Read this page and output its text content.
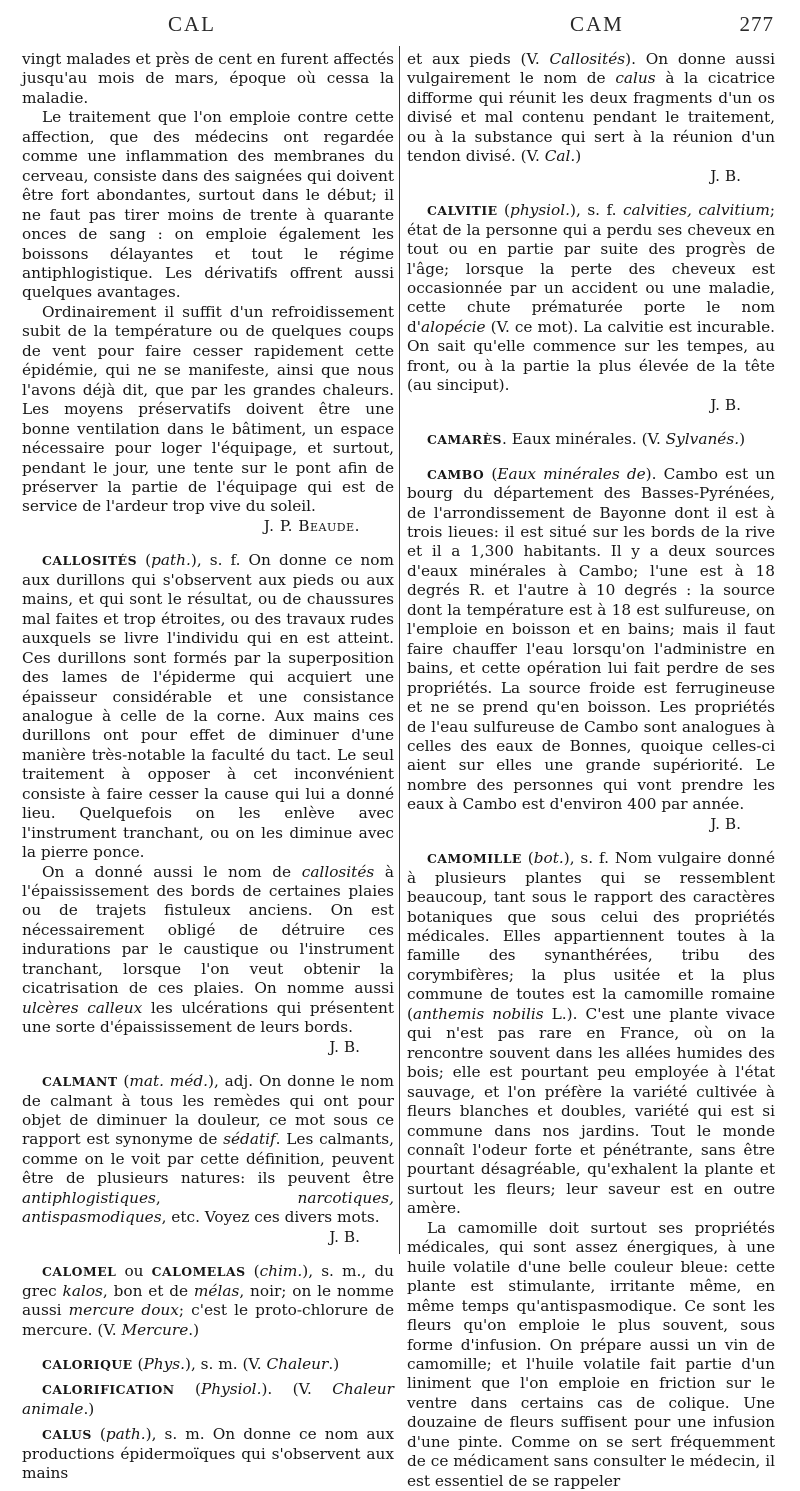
CAL	CAM	277

vingt malades et près de cent en furent affectés jusqu'au mois de mars, époque où cessa la maladie.

Le traitement que l'on emploie contre cette affection, que des médecins ont regardée comme une inflammation des membranes du cerveau, consiste dans des saignées qui doivent être fort abondantes, surtout dans le début; il ne faut pas tirer moins de trente à quarante onces de sang : on emploie également les boissons délayantes et tout le régime antiphlogistique. Les dérivatifs offrent aussi quelques avantages.

Ordinairement il suffit d'un refroidissement subit de la température ou de quelques coups de vent pour faire cesser rapidement cette épidémie, qui ne se manifeste, ainsi que nous l'avons déjà dit, que par les grandes chaleurs. Les moyens préservatifs doivent être une bonne ventilation dans le bâtiment, un espace nécessaire pour loger l'équipage, et surtout, pendant le jour, une tente sur le pont afin de préserver la partie de l'équipage qui est de service de l'ardeur trop vive du soleil.

J. P. Beaude.

CALLOSITÉS (path.), s. f. On donne ce nom aux durillons qui s'observent aux pieds ou aux mains, et qui sont le résultat, ou de chaussures mal faites et trop étroites, ou des travaux rudes auxquels se livre l'individu qui en est atteint. Ces durillons sont formés par la superposition des lames de l'épiderme qui acquiert une épaisseur considérable et une consistance analogue à celle de la corne. Aux mains ces durillons ont pour effet de diminuer d'une manière très-notable la faculté du tact. Le seul traitement à opposer à cet inconvénient consiste à faire cesser la cause qui lui a donné lieu. Quelquefois on les enlève avec l'instrument tranchant, ou on les diminue avec la pierre ponce.

On a donné aussi le nom de callosités à l'épaississement des bords de certaines plaies ou de trajets fistuleux anciens. On est nécessairement obligé de détruire ces indurations par le caustique ou l'instrument tranchant, lorsque l'on veut obtenir la cicatrisation de ces plaies. On nomme aussi ulcères calleux les ulcérations qui présentent une sorte d'épaississement de leurs bords.

J. B.

CALMANT (mat. méd.), adj. On donne le nom de calmant à tous les remèdes qui ont pour objet de diminuer la douleur, ce mot sous ce rapport est synonyme de sédatif. Les calmants, comme on le voit par cette définition, peuvent être de plusieurs natures: ils peuvent être antiphlogistiques, narcotiques, antispasmodiques, etc. Voyez ces divers mots.

J. B.

CALOMEL ou CALOMELAS (chim.), s. m., du grec kalos, bon et de mélas, noir; on le nomme aussi mercure doux; c'est le proto-chlorure de mercure. (V. Mercure.)

CALORIQUE (Phys.), s. m. (V. Chaleur.)

CALORIFICATION (Physiol.). (V. Chaleur animale.)

CALUS (path.), s. m. On donne ce nom aux productions épidermoïques qui s'observent aux mains

et aux pieds (V. Callosités). On donne aussi vulgairement le nom de calus à la cicatrice difforme qui réunit les deux fragments d'un os divisé et mal contenu pendant le traitement, ou à la substance qui sert à la réunion d'un tendon divisé. (V. Cal.)

J. B.

CALVITIE (physiol.), s. f. calvities, calvitium; état de la personne qui a perdu ses cheveux en tout ou en partie par suite des progrès de l'âge; lorsque la perte des cheveux est occasionnée par un accident ou une maladie, cette chute prématurée porte le nom d'alopécie (V. ce mot). La calvitie est incurable. On sait qu'elle commence sur les tempes, au front, ou à la partie la plus élevée de la tête (au sinciput).

J. B.

CAMARÈS. Eaux minérales. (V. Sylvanés.)

CAMBO (Eaux minérales de). Cambo est un bourg du département des Basses-Pyrénées, de l'arrondissement de Bayonne dont il est à trois lieues: il est situé sur les bords de la rive et il a 1,300 habitants. Il y a deux sources d'eaux minérales à Cambo; l'une est à 18 degrés R. et l'autre à 10 degrés : la source dont la température est à 18 est sulfureuse, on l'emploie en boisson et en bains; mais il faut faire chauffer l'eau lorsqu'on l'administre en bains, et cette opération lui fait perdre de ses propriétés. La source froide est ferrugineuse et ne se prend qu'en boisson. Les propriétés de l'eau sulfureuse de Cambo sont analogues à celles des eaux de Bonnes, quoique celles-ci aient sur elles une grande supériorité. Le nombre des personnes qui vont prendre les eaux à Cambo est d'environ 400 par année.

J. B.

CAMOMILLE (bot.), s. f. Nom vulgaire donné à plusieurs plantes qui se ressemblent beaucoup, tant sous le rapport des caractères botaniques que sous celui des propriétés médicales. Elles appartiennent toutes à la famille des synanthérées, tribu des corymbifères; la plus usitée et la plus commune de toutes est la camomille romaine (anthemis nobilis L.). C'est une plante vivace qui n'est pas rare en France, où on la rencontre souvent dans les allées humides des bois; elle est pourtant peu employée à l'état sauvage, et l'on préfère la variété cultivée à fleurs blanches et doubles, variété qui est si commune dans nos jardins. Tout le monde connaît l'odeur forte et pénétrante, sans être pourtant désagréable, qu'exhalent la plante et surtout les fleurs; leur saveur est en outre amère.

La camomille doit surtout ses propriétés médicales, qui sont assez énergiques, à une huile volatile d'une belle couleur bleue: cette plante est stimulante, irritante même, en même temps qu'antispasmodique. Ce sont les fleurs qu'on emploie le plus souvent, sous forme d'infusion. On prépare aussi un vin de camomille; et l'huile volatile fait partie d'un liniment que l'on emploie en friction sur le ventre dans certains cas de colique. Une douzaine de fleurs suffisent pour une infusion d'une pinte. Comme on se sert fréquemment de ce médicament sans consulter le médecin, il est essentiel de se rappeler
